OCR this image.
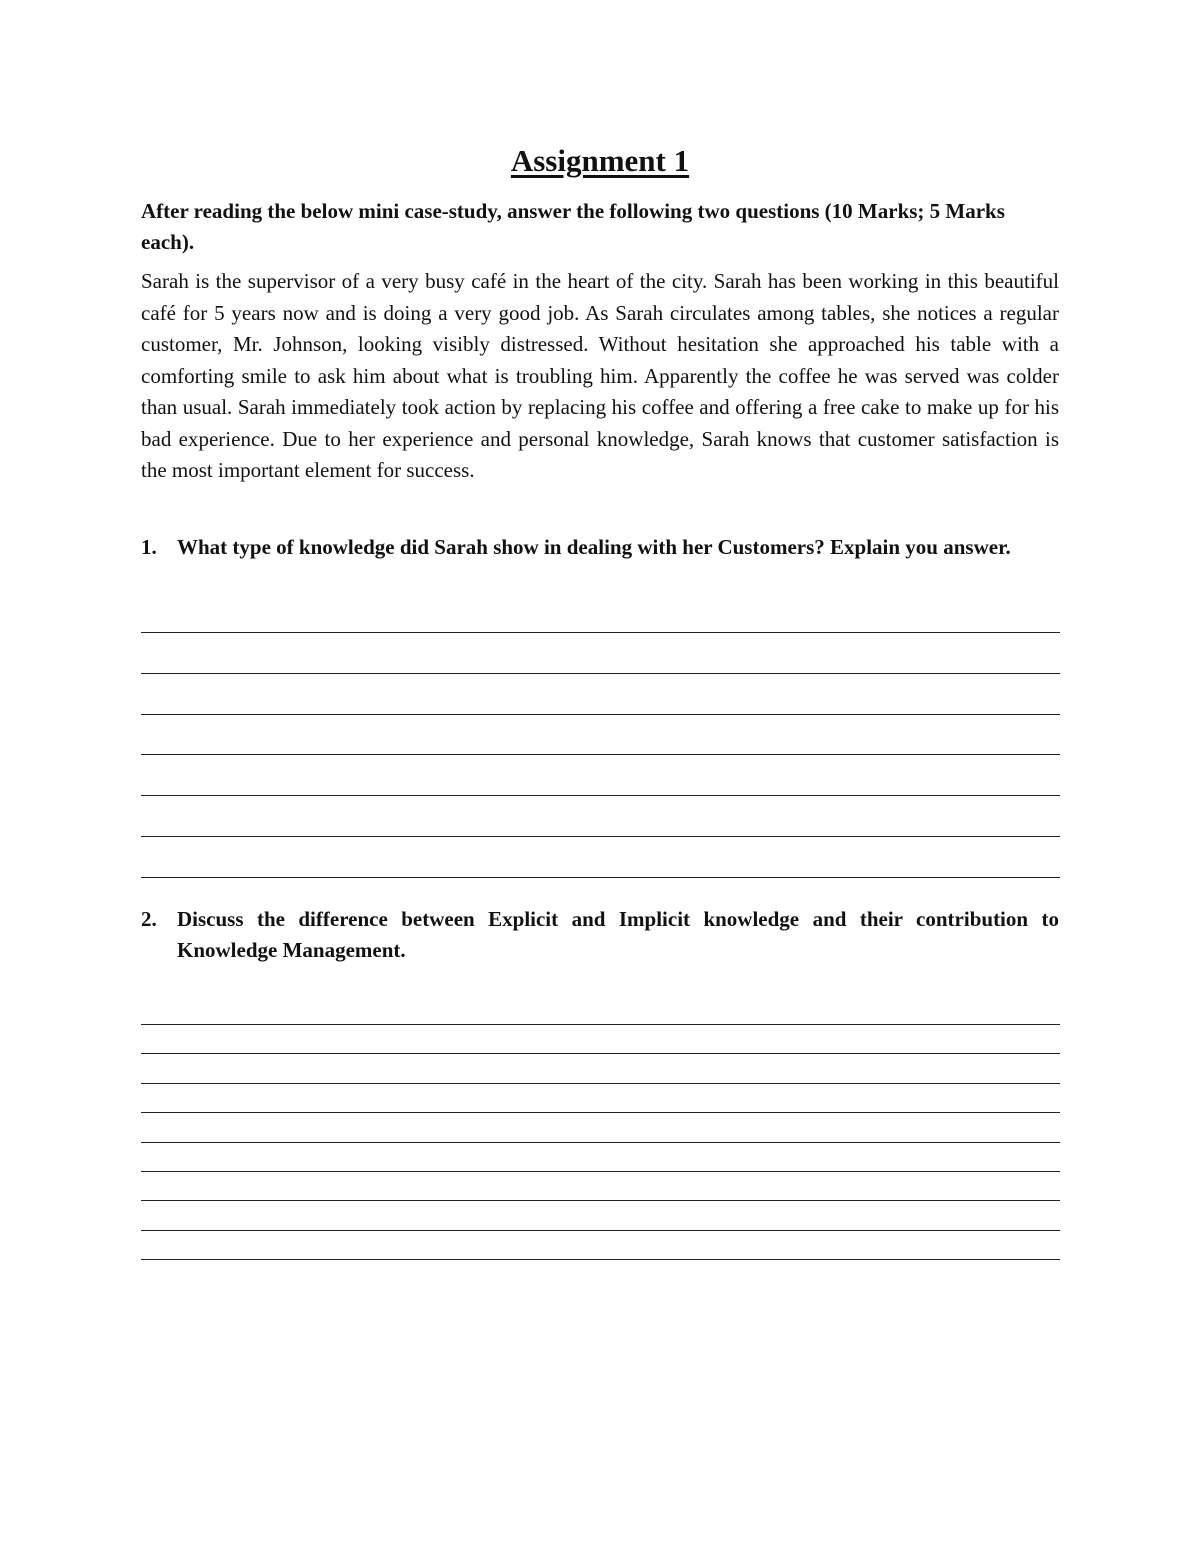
Assignment 1

After reading the below mini case-study, answer the following two questions (10 Marks; 5 Marks each).

Sarah is the supervisor of a very busy café in the heart of the city. Sarah has been working in this beautiful café for 5 years now and is doing a very good job. As Sarah circulates among tables, she notices a regular customer, Mr. Johnson, looking visibly distressed. Without hesitation she approached his table with a comforting smile to ask him about what is troubling him. Apparently the coffee he was served was colder than usual. Sarah immediately took action by replacing his coffee and offering a free cake to make up for his bad experience. Due to her experience and personal knowledge, Sarah knows that customer satisfaction is the most important element for success.

1. What type of knowledge did Sarah show in dealing with her Customers? Explain you answer.
2. Discuss the difference between Explicit and Implicit knowledge and their contribution to Knowledge Management.
